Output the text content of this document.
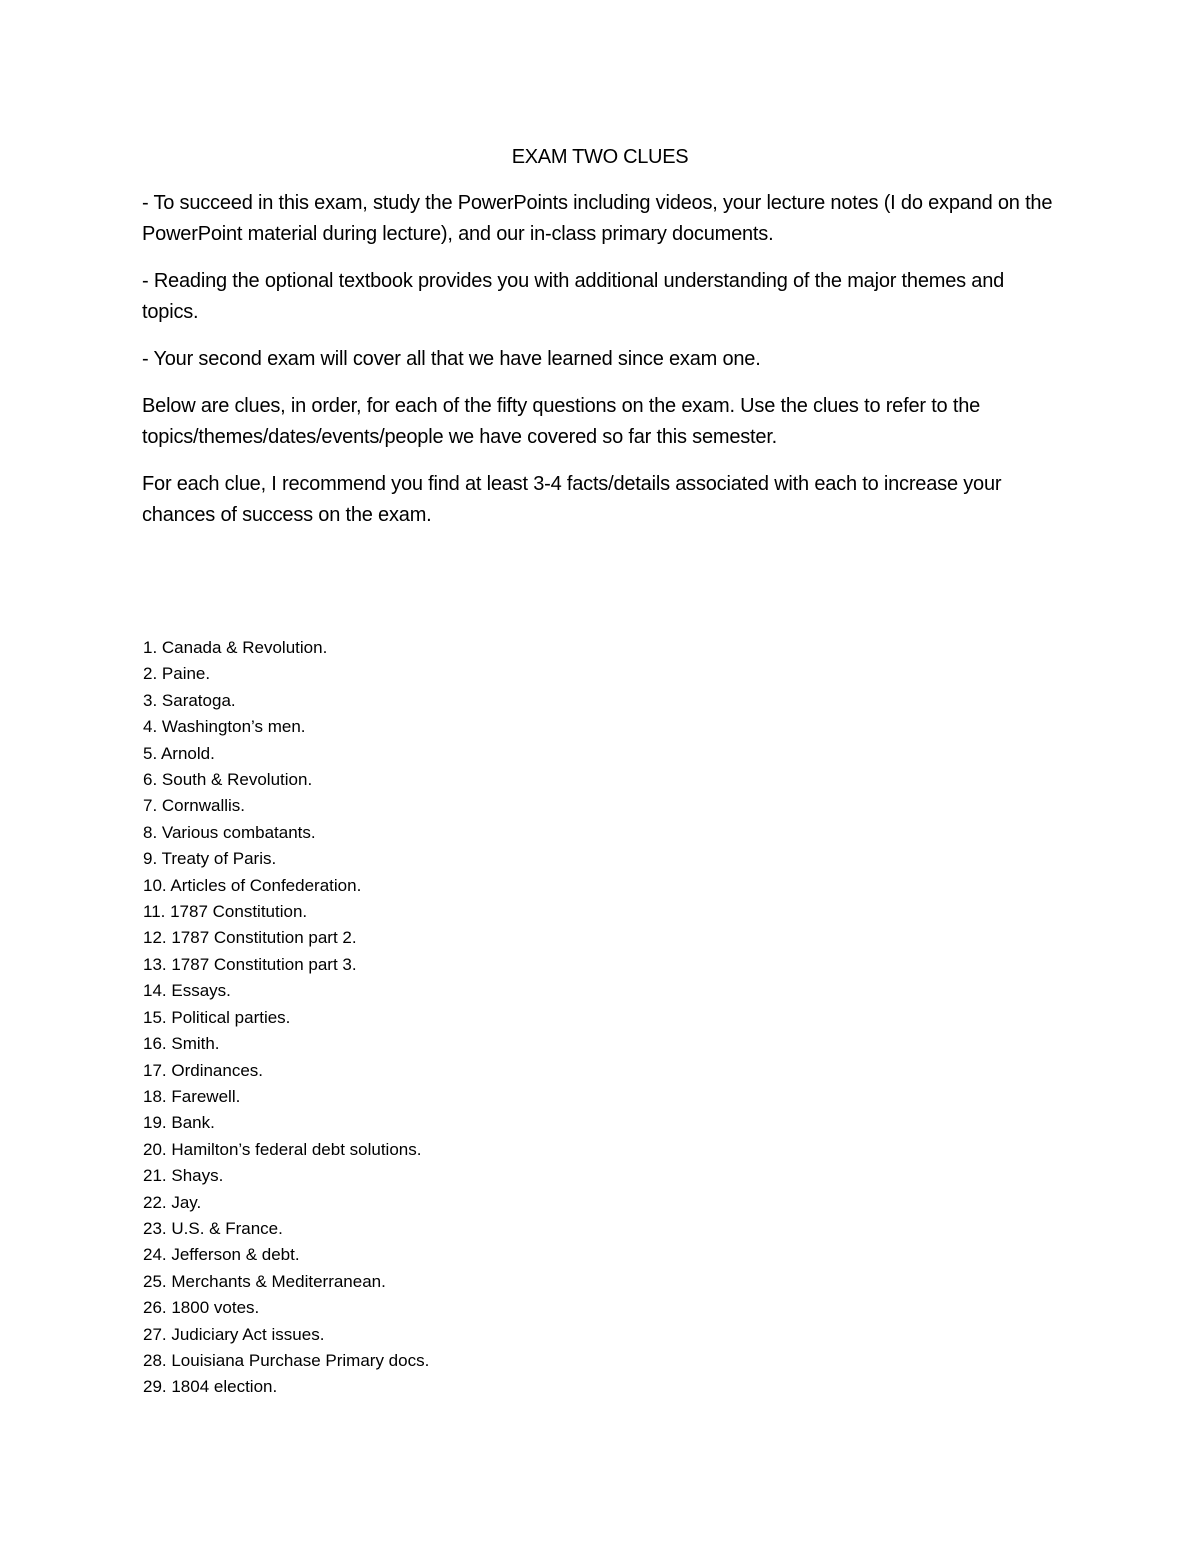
EXAM TWO CLUES

- To succeed in this exam, study the PowerPoints including videos, your lecture notes (I do expand on the PowerPoint material during lecture), and our in-class primary documents.

- Reading the optional textbook provides you with additional understanding of the major themes and topics.

- Your second exam will cover all that we have learned since exam one.

Below are clues, in order, for each of the fifty questions on the exam. Use the clues to refer to the topics/themes/dates/events/people we have covered so far this semester.

For each clue, I recommend you find at least 3-4 facts/details associated with each to increase your chances of success on the exam.

1. Canada & Revolution.
2. Paine.
3. Saratoga.
4. Washington’s men.
5. Arnold.
6. South & Revolution.
7. Cornwallis.
8. Various combatants.
9. Treaty of Paris.
10. Articles of Confederation.
11. 1787 Constitution.
12. 1787 Constitution part 2.
13. 1787 Constitution part 3.
14. Essays.
15. Political parties.
16. Smith.
17. Ordinances.
18. Farewell.
19. Bank.
20. Hamilton’s federal debt solutions.
21. Shays.
22. Jay.
23. U.S. & France.
24. Jefferson & debt.
25. Merchants & Mediterranean.
26. 1800 votes.
27. Judiciary Act issues.
28. Louisiana Purchase Primary docs.
29. 1804 election.
